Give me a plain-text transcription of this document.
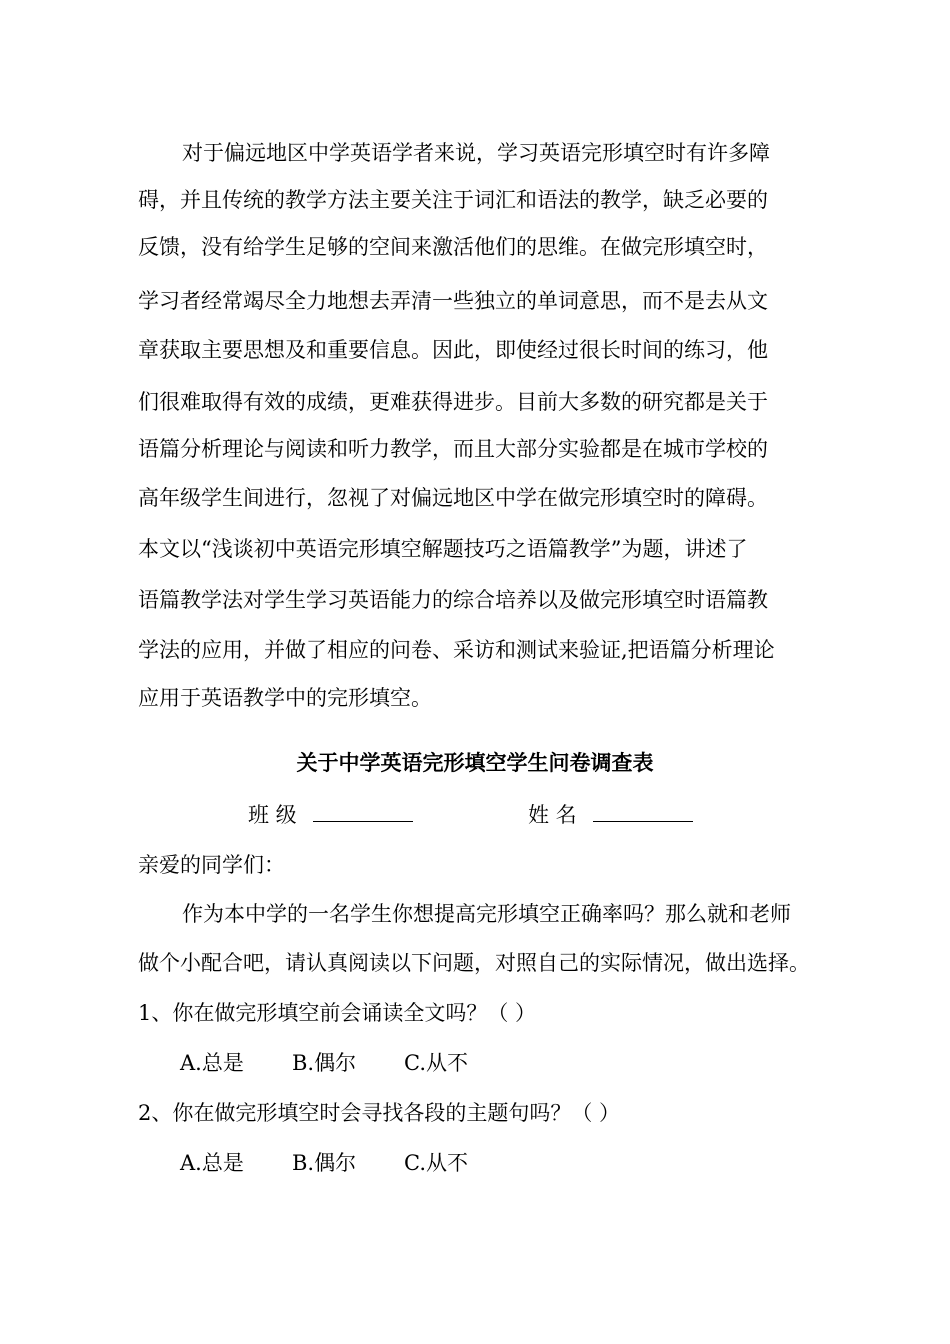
对于偏远地区中学英语学者来说，学习英语完形填空时有许多障
碍，并且传统的教学方法主要关注于词汇和语法的教学，缺乏必要的
反馈，没有给学生足够的空间来激活他们的思维。在做完形填空时，
学习者经常竭尽全力地想去弄清一些独立的单词意思，而不是去从文
章获取主要思想及和重要信息。因此，即使经过很长时间的练习，他
们很难取得有效的成绩，更难获得进步。目前大多数的研究都是关于
语篇分析理论与阅读和听力教学，而且大部分实验都是在城市学校的
高年级学生间进行，忽视了对偏远地区中学在做完形填空时的障碍。
本文以“浅谈初中英语完形填空解题技巧之语篇教学”为题，讲述了
语篇教学法对学生学习英语能力的综合培养以及做完形填空时语篇教
学法的应用，并做了相应的问卷、采访和测试来验证,把语篇分析理论
应用于英语教学中的完形填空。
关于中学英语完形填空学生问卷调查表
班 级	姓 名
亲爱的同学们：
作为本中学的一名学生你想提高完形填空正确率吗？那么就和老师
做个小配合吧，请认真阅读以下问题，对照自己的实际情况，做出选择。
1、你在做完形填空前会诵读全文吗？（ ）
A.总是 B.偶尔 C.从不
2、你在做完形填空时会寻找各段的主题句吗？（ ）
A.总是 B.偶尔 C.从不
